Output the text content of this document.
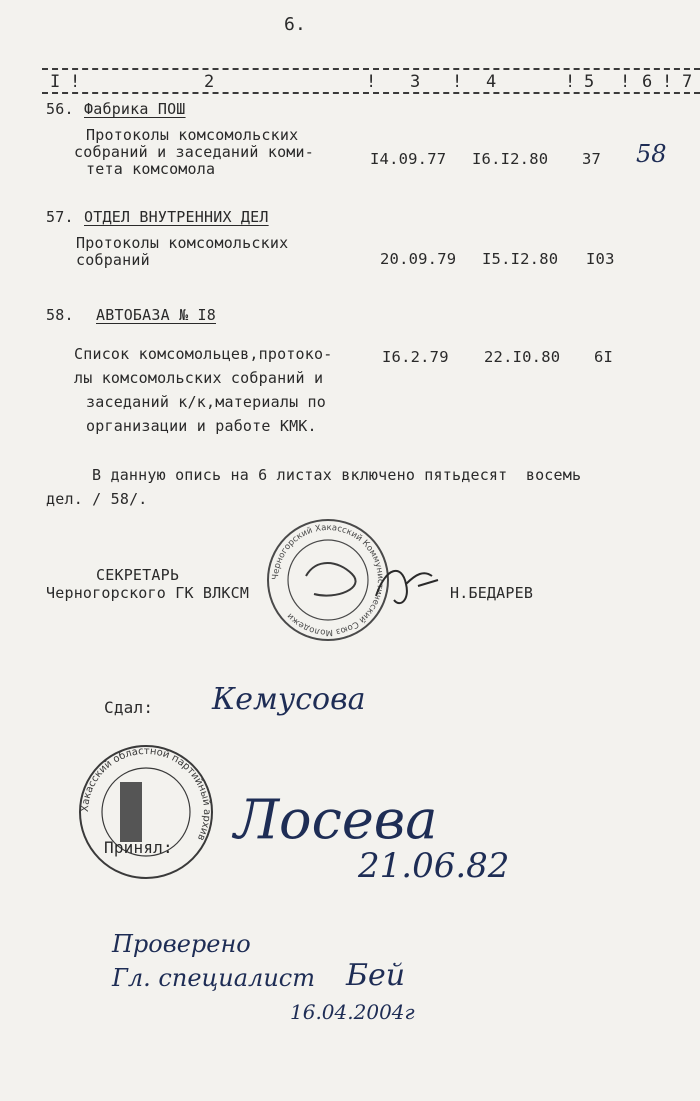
6.
I !	2	! 3 ! 4	! 5 ! 6 ! 7
56. Фабрика ПОШ
Протоколы комсомольских
собраний и заседаний коми-
тета комсомола
I4.09.77 I6.I2.80 37 58
57. ОТДЕЛ ВНУТРЕННИХ ДЕЛ
Протоколы комсомольских
собраний	20.09.79 I5.I2.80 I03
58. АВТОБАЗА № I8
Список комсомольцев,протоко-
лы комсомольских собраний и
заседаний к/к,материалы по
организации и работе КМК.
I6.2.79 22.I0.80 6I
В данную опись на 6 листах включено пятьдесят  восемь
дел. / 58/.
СЕКРЕТАРЬ
Черногорского ГК ВЛКСМ	Н.БЕДАРЕВ
Черногорский Хакасский Коммунистический Союз Молодежи
Сдал: Кемусова
Хакасский областной партийный архив
Принял: Лосева
21.06.82
Проверено
Гл. специалист Бей
16.04.2004г
